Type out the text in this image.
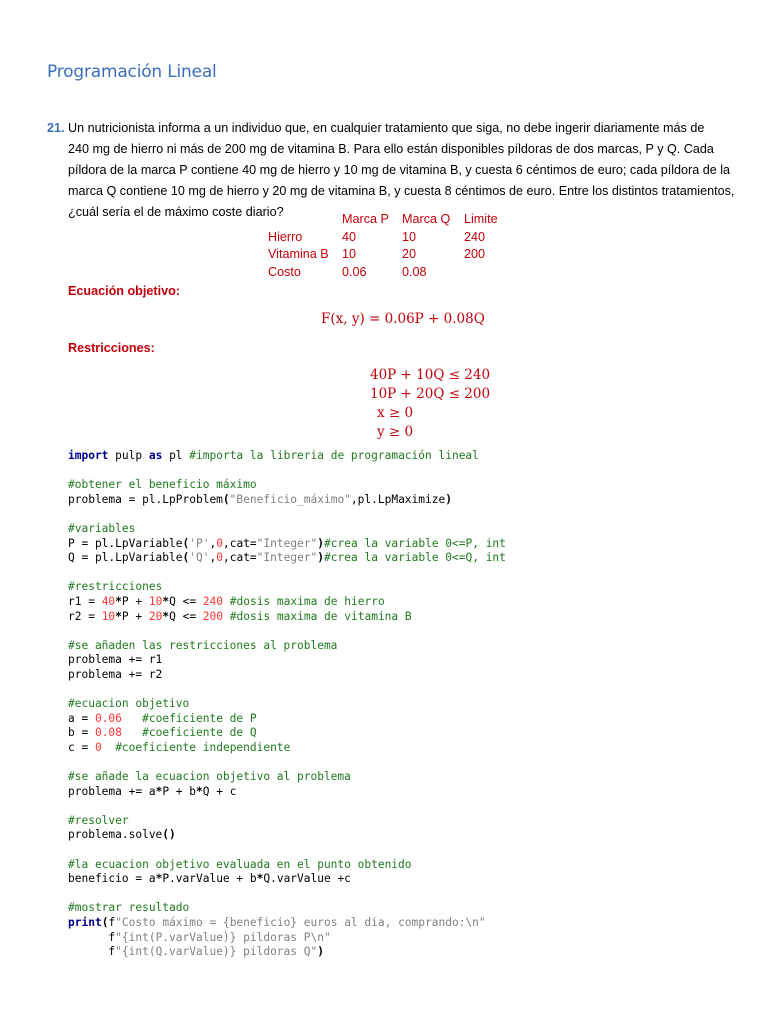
Programación Lineal
21. Un nutricionista informa a un individuo que, en cualquier tratamiento que siga, no debe ingerir diariamente más de
240 mg de hierro ni más de 200 mg de vitamina B. Para ello están disponibles píldoras de dos marcas, P y Q. Cada
píldora de la marca P contiene 40 mg de hierro y 10 mg de vitamina B, y cuesta 6 céntimos de euro; cada píldora de la
marca Q contiene 10 mg de hierro y 20 mg de vitamina B, y cuesta 8 céntimos de euro. Entre los distintos tratamientos,
¿cuál sería el de máximo coste diario?	Marca P Marca Q Limite
Hierro	40	10	240
Vitamina B 10	20	200
Costo	0.06	0.08
Ecuación objetivo:
F(x, y) = 0.06P + 0.08Q
Restricciones:
40P + 10Q ≤ 240
10P + 20Q ≤ 200
x ≥ 0
y ≥ 0
import pulp as pl #importa la libreria de programación lineal

#obtener el beneficio máximo
problema = pl.LpProblem("Beneficio_máximo",pl.LpMaximize)

#variables
P = pl.LpVariable('P',0,cat="Integer")#crea la variable 0<=P, int
Q = pl.LpVariable('Q',0,cat="Integer")#crea la variable 0<=Q, int

#restricciones
r1 = 40*P + 10*Q <= 240 #dosis maxima de hierro
r2 = 10*P + 20*Q <= 200 #dosis maxima de vitamina B

#se añaden las restricciones al problema
problema += r1
problema += r2

#ecuacion objetivo
a = 0.06 #coeficiente de P
b = 0.08 #coeficiente de Q
c = 0 #coeficiente independiente

#se añade la ecuacion objetivo al problema
problema += a*P + b*Q + c

#resolver
problema.solve()

#la ecuacion objetivo evaluada en el punto obtenido
beneficio = a*P.varValue + b*Q.varValue +c

#mostrar resultado
print(f"Costo máximo = {beneficio} euros al dia, comprando:\n"
f"{int(P.varValue)} pildoras P\n"
f"{int(Q.varValue)} pildoras Q")
